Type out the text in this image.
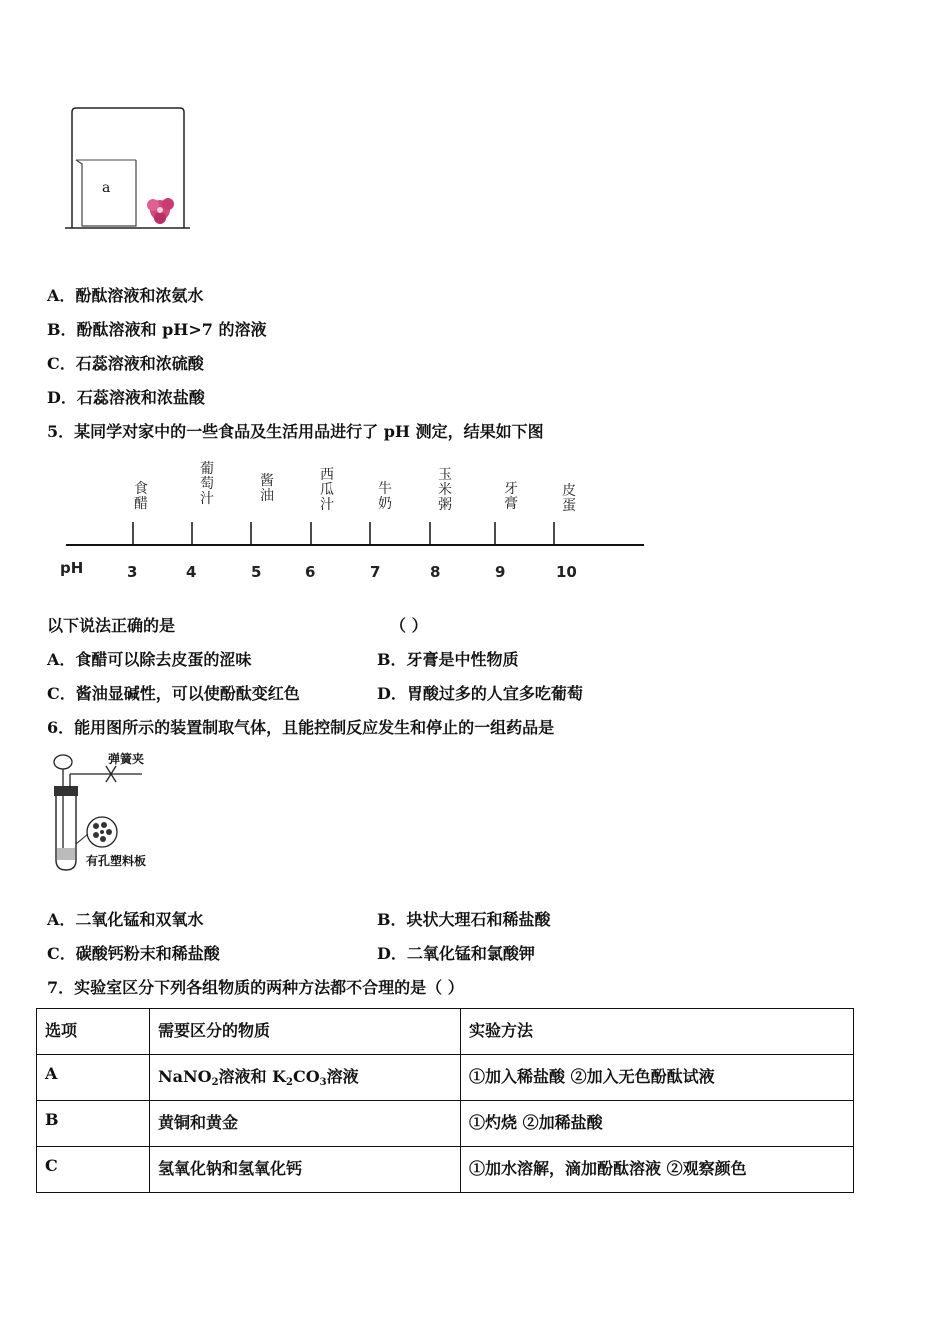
a
A．酚酞溶液和浓氨水
B．酚酞溶液和 pH>7 的溶液
C．石蕊溶液和浓硫酸
D．石蕊溶液和浓盐酸
5．某同学对家中的一些食品及生活用品进行了 pH 测定，结果如下图
食醋
葡萄汁
酱油
西瓜汁
牛奶
玉米粥
牙膏
皮蛋
pH	3	4	5	6	7	8	9	10
以下说法正确的是	（ ）
A．食醋可以除去皮蛋的涩味	B．牙膏是中性物质
C．酱油显碱性，可以使酚酞变红色	D．胃酸过多的人宜多吃葡萄
6．能用图所示的装置制取气体，且能控制反应发生和停止的一组药品是
弹簧夹
有孔塑料板
A．二氧化锰和双氧水	B．块状大理石和稀盐酸
C．碳酸钙粉末和稀盐酸	D．二氧化锰和氯酸钾
7．实验室区分下列各组物质的两种方法都不合理的是（ ）
选项	需要区分的物质	实验方法
A	NaNO$_2$溶液和 $K_2CO_3$溶液	①加入稀盐酸 ②加入无色酚酞试液
B	黄铜和黄金	①灼烧 ②加稀盐酸
C	氢氧化钠和氢氧化钙	①加水溶解，滴加酚酞溶液 ②观察颜色
